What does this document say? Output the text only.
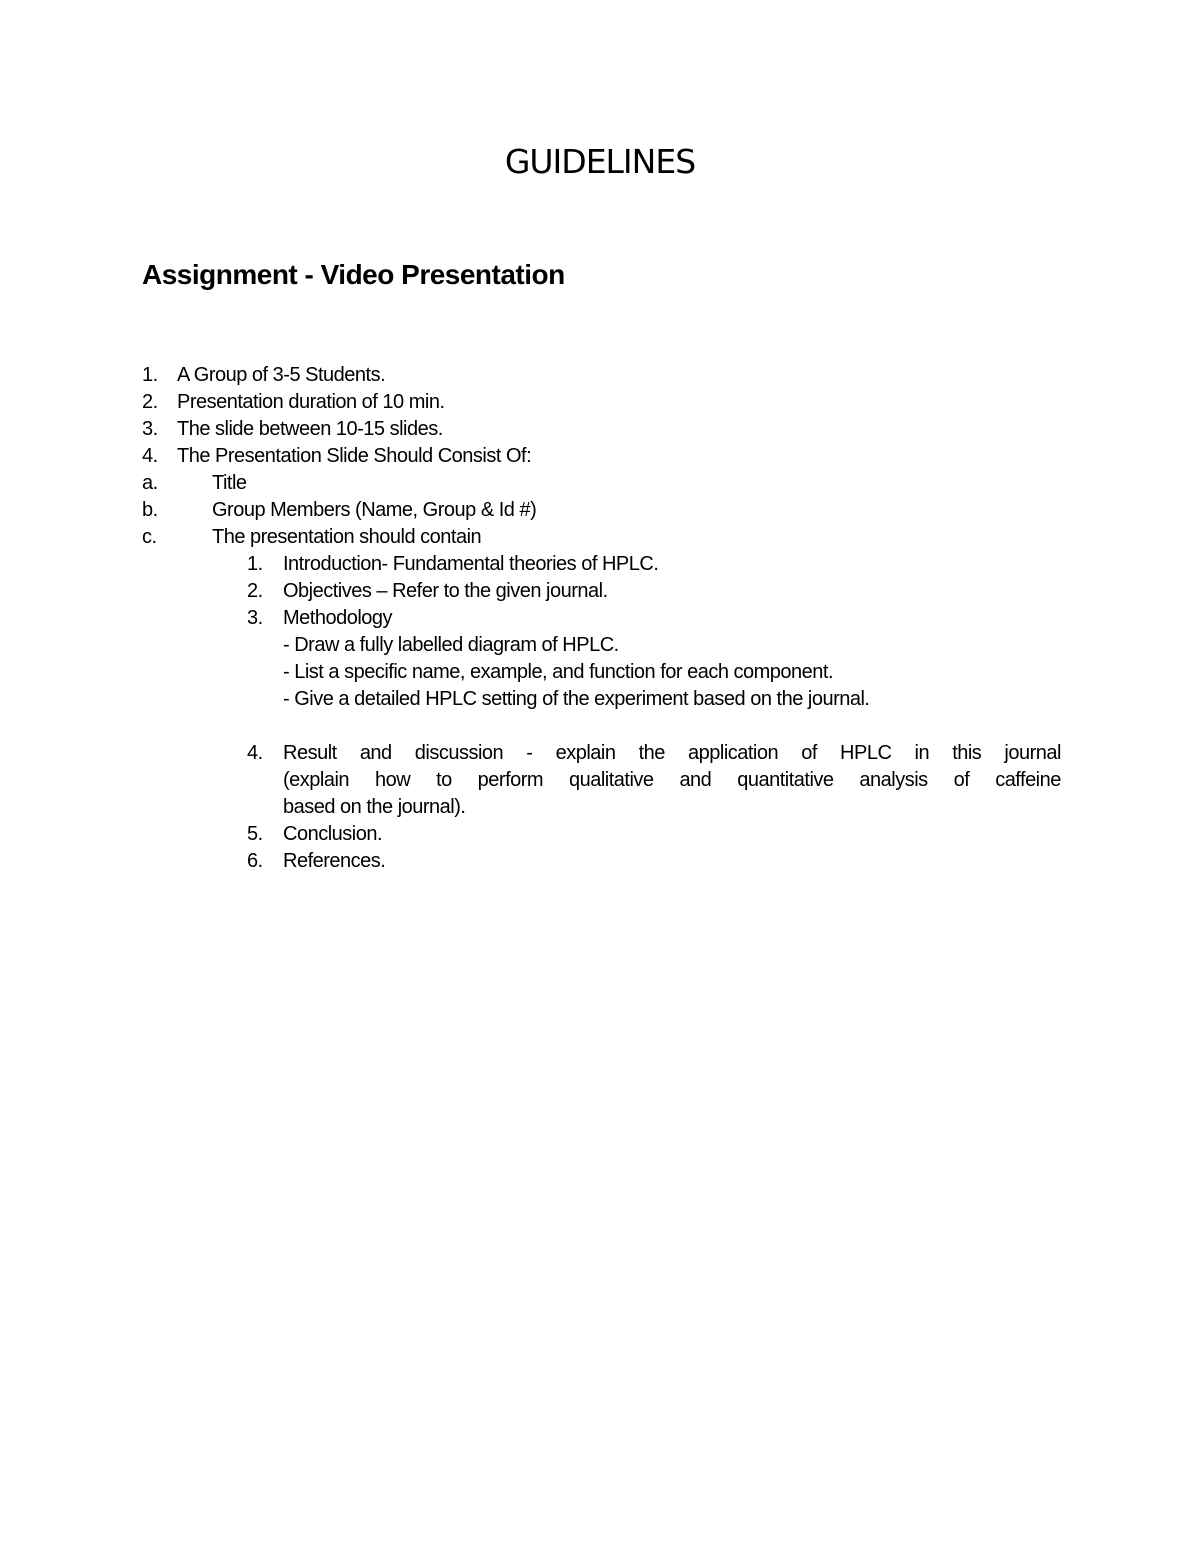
GUIDELINES
Assignment - Video Presentation
1. A Group of 3-5 Students.
2. Presentation duration of 10 min.
3. The slide between 10-15 slides.
4. The Presentation Slide Should Consist Of:
a.	Title
b.	Group Members (Name, Group & Id #)
c.	The presentation should contain
1. Introduction- Fundamental theories of HPLC.
2. Objectives – Refer to the given journal.
3. Methodology
- Draw a fully labelled diagram of HPLC.
- List a specific name, example, and function for each component.
- Give a detailed HPLC setting of the experiment based on the journal.
4. Result and discussion - explain the application of HPLC in this journal
(explain how to perform qualitative and quantitative analysis of caffeine
based on the journal).
5. Conclusion.
6. References.
